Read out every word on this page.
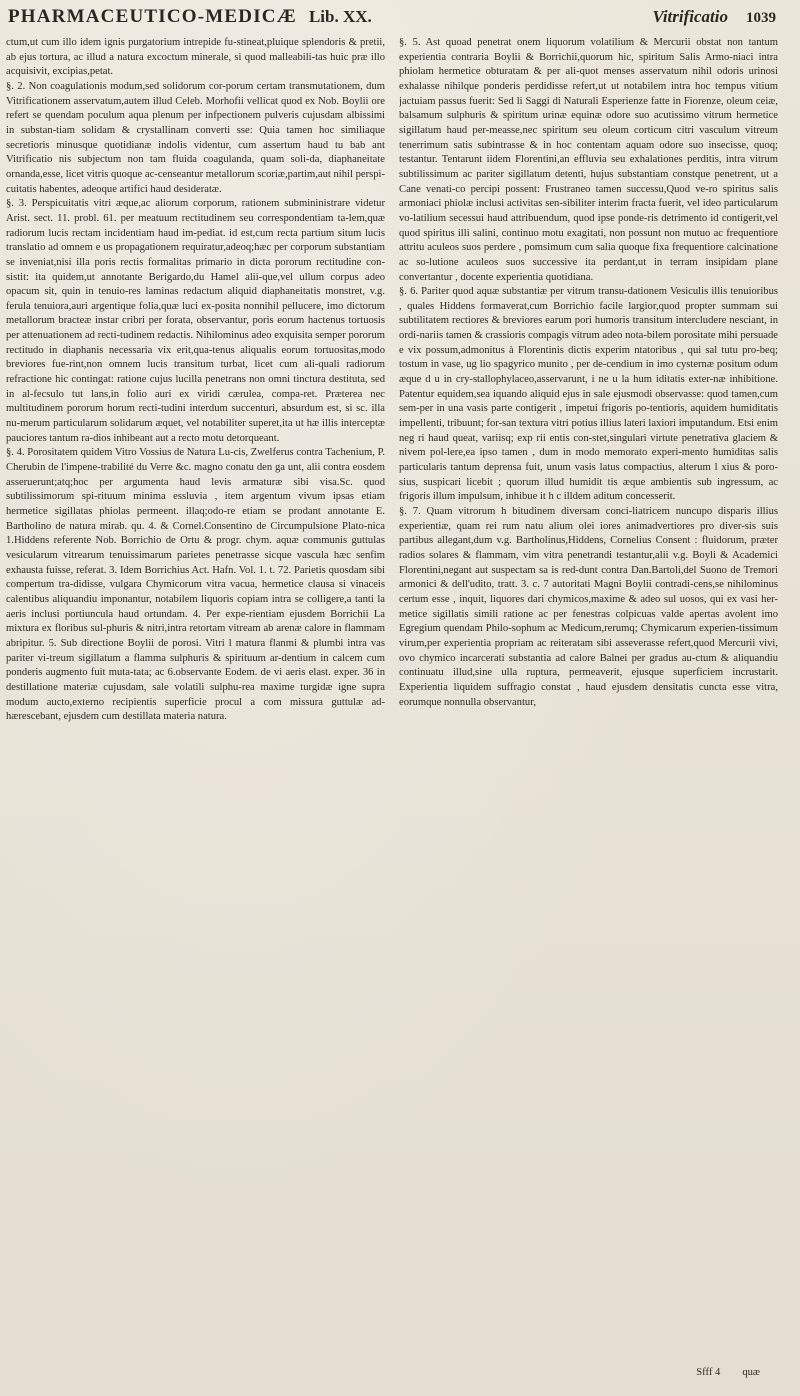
PHARMACEUTICO-MEDICÆ Lib. XX.	Vitrificatio 1039

ctum,ut cum illo idem ignis purgatorium intrepide fu-stineat,pluique splendoris & pretii, ab ejus tortura, ac illud a natura excoctum minerale, si quod malleabili-tas huic præ illo acquisivit, excipias,petat.

§. 2. Non coagulationis modum,sed solidorum cor-porum certam transmutationem, dum Vitrificationem asservatum,autem illud Celeb. Morhofii vellicat quod ex Nob. Boylii ore refert se quendam poculum aqua plenum per infpectionem pulveris cujusdam albissimi in substan-tiam solidam & crystallinam converti sse: Quia tamen hoc similiaque secretioris minusque quotidianæ indolis videntur, cum assertum haud tu bab ant Vitrificatio nis subjectum non tam fluida coagulanda, quam soli-da, diaphaneitate ornanda,esse, licet vitris quoque ac-censeantur metallorum scoriæ,partim,aut nihil perspi-cuitatis habentes, adeoque artifici haud desideratæ.

§. 3. Perspicuitatis vitri æque,ac aliorum corporum, rationem submininistrare videtur Arist. sect. 11. probl. 61. per meatuum rectitudinem seu correspondentiam ta-lem,quæ radiorum lucis rectam incidentiam haud im-pediat. id est,cum recta partium situm lucis translatio ad omnem e us propagationem requiratur,adeoq;hæc per corporum substantiam se inveniat,nisi illa poris rectis formalitas primario in dicta pororum rectitudine con-sistit: ita quidem,ut annotante Berigardo,du Hamel alii-que,vel ullum corpus adeo opacum sit, quin in tenuio-res laminas redactum aliquid diaphaneitatis monstret, v.g. ferula tenuiora,auri argentique folia,quæ luci ex-posita nonnihil pellucere, imo dictorum metallorum bracteæ instar cribri per forata, observantur, poris eorum hactenus tortuosis per attenuationem ad recti-tudinem redactis. Nihilominus adeo exquisita semper pororum rectitudo in diaphanis necessaria vix erit,qua-tenus aliqualis eorum tortuositas,modo breviores fue-rint,non omnem lucis transitum turbat, licet cum ali-quali radiorum refractione hic contingat: ratione cujus lucilla penetrans non omni tinctura destituta, sed in al-fecsulo tut lans,in folio auri ex viridi cærulea, compa-ret. Præterea nec multitudinem pororum horum recti-tudini interdum succenturi, absurdum est, si sc. illa nu-merum particularum solidarum æquet, vel notabiliter superet,ita ut hæ illis interceptæ pauciores tantum ra-dios inhibeant aut a recto motu detorqueant.

§. 4. Porositatem quidem Vitro Vossius de Natura Lu-cis, Zwelferus contra Tachenium, P. Cherubin de l'impene-trabilité du Verre &c. magno conatu den ga unt, alii contra eosdem asseruerunt;atq;hoc per argumenta haud levis armaturæ sibi visa.Sc. quod subtilissimorum spi-rituum minima essluvia , item argentum vivum ipsas etiam hermetice sigillatas phiolas permeent. illaq;odo-re etiam se prodant annotante E. Bartholino de natura mirab. qu. 4. & Cornel.Consentino de Circumpulsione Plato-nica 1.Hiddens referente Nob. Borrichio de Ortu & progr. chym. aquæ communis guttulas vesicularum vitrearum tenuissimarum parietes penetrasse sicque vascula hæc senfim exhausta fuisse, referat. 3. Idem Borrichius Act. Hafn. Vol. 1. t. 72. Parietis quosdam sibi compertum tra-didisse, vulgara Chymicorum vitra vacua, hermetice clausa si vinaceis calentibus aliquandiu imponantur, notabilem liquoris copiam intra se colligere,a tanti la aeris inclusi portiuncula haud ortundam. 4. Per expe-rientiam ejusdem Borrichii La mixtura ex floribus sul-phuris & nitri,intra retortam vitream ab arenæ calore in flammam abripitur. 5. Sub directione Boylii de porosi. Vitri l matura flanmi & plumbi intra vas pariter vi-treum sigillatum a flamma sulphuris & spirituum ar-dentium in calcem cum ponderis augmento fuit muta-tata; ac 6.observante Eodem. de vi aeris elast. exper. 36 in destillatione materiæ cujusdam, sale volatili sulphu-rea maxime turgidæ igne supra modum aucto,externo recipientis superficie procul a com missura guttulæ ad-hærescebant, ejusdem cum destillata materia natura.

§. 5. Ast quoad penetrat onem liquorum volatilium & Mercurii obstat non tantum experientia contraria Boylii & Borrichii,quorum hic, spiritum Salis Armo-niaci intra phiolam hermetice obturatam & per ali-quot menses asservatum nihil odoris urinosi exhalasse nihilque ponderis perdidisse refert,ut ut notabilem intra hoc tempus vitium jactuiam passus fuerit: Sed li Saggi di Naturali Esperienze fatte in Fiorenze, oleum ceiæ, balsamum sulphuris & spiritum urinæ equinæ odore suo acutissimo vitrum hermetice sigillatum haud per-measse,nec spiritum seu oleum corticum citri vasculum vitreum tenerrimum satis subintrasse & in hoc contentam aquam odore suo insecisse, quoq; testantur. Tentarunt iidem Florentini,an effluvia seu exhalationes perditis, intra vitrum subtilissimum ac pariter sigillatum detenti, hujus substantiam constque penetrent, ut a Cane venati-co percipi possent: Frustraneo tamen successu,Quod ve-ro spiritus salis armoniaci phiolæ inclusi activitas sen-sibiliter interim fracta fuerit, vel ideo particularum vo-latilium secessui haud attribuendum, quod ipse ponde-ris detrimento id contigerit,vel quod spiritus illi salini, continuo motu exagitati, non possunt non mutuo ac frequentiore attritu aculeos suos perdere , pomsimum cum salia quoque fixa frequentiore calcinatione ac so-lutione aculeos suos successive ita perdant,ut in terram insipidam plane convertantur , docente experientia quotidiana.

§. 6. Pariter quod aquæ substantiæ per vitrum transu-dationem Vesiculis illis tenuioribus , quales Hiddens formaverat,cum Borrichio facile largior,quod propter summam sui subtilitatem rectiores & breviores earum pori humoris transitum intercludere nesciant, in ordi-nariis tamen & crassioris compagis vitrum adeo nota-bilem porositate mihi persuade e vix possum,admonitus à Florentinis dictis experim ntatoribus , qui sal tutu pro-beq; tostum in vase, ug lio spagyrico munito , per de-cendium in imo cysternæ positum odum æque d u in cry-stallophylaceo,asservarunt, i ne u la hum iditatis exter-næ inhibitione. Patentur equidem,sea iquando aliquid ejus in sale ejusmodi observasse: quod tamen,cum sem-per in una vasis parte contigerit , impetui frigoris po-tentioris, aquidem humiditatis impellenti, tribuunt; for-san textura vitri potius illius lateri laxiori imputandum. Etsi enim neg ri haud queat, variisq; exp rii entis con-stet,singulari virtute penetrativa glaciem & nivem pol-lere,ea ipso tamen , dum in modo memorato experi-mento humiditas salis particularis tantum deprensa fuit, unum vasis latus compactius, alterum l xius & poro-sius, suspicari licebit ; quorum illud humidit tis æque ambientis sub ingressum, ac frigoris illum impulsum, inhibue it h c illdem aditum concesserit.

§. 7. Quam vitrorum h bitudinem diversam conci-liatricem nuncupo disparis illius experientiæ, quam rei rum natu alium olei iores animadvertiores pro diver-sis suis partibus allegant,dum v.g. Bartholinus,Hiddens, Cornelius Consent : fluidorum, præter radios solares & flammam, vim vitra penetrandi testantur,alii v.g. Boyli & Academici Florentini,negant aut suspectam sa is red-dunt contra Dan.Bartoli,del Suono de Tremori armonici & dell'udito, tratt. 3. c. 7 autoritati Magni Boylii contradi-cens,se nihilominus certum esse , inquit, liquores dari chymicos,maxime & adeo sul uosos, qui ex vasi her-metice sigillatis simili ratione ac per fenestras colpicuas valde apertas avolent imo Egregium quendam Philo-sophum ac Medicum,rerumq; Chymicarum experien-tissimum virum,per experientia propriam ac reiteratam sibi asseverasse refert,quod Mercurii vivi, ovo chymico incarcerati substantia ad calore Balnei per gradus au-ctum & aliquandiu continuatu illud,sine ulla ruptura, permeaverit, ejusque superficiem incrustarit. Experientia liquidem suffragio constat , haud ejusdem densitatis cuncta esse vitra, eorumque nonnulla observantur,

Sfff 4 quæ
